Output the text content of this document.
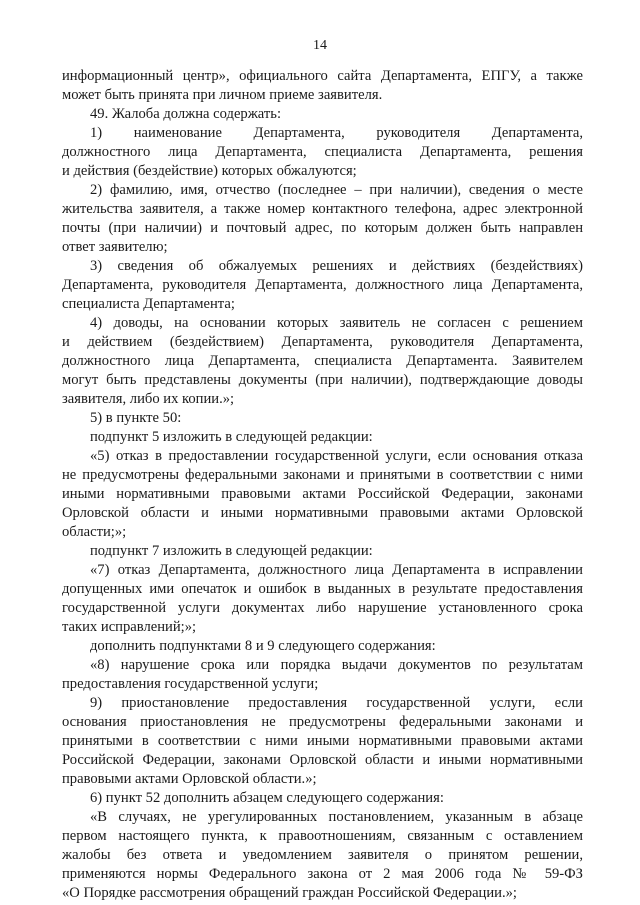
14
информационный центр», официального сайта Департамента, ЕПГУ, а также
может быть принята при личном приеме заявителя.
49. Жалоба должна содержать:
1) наименование Департамента, руководителя Департамента,
должностного лица Департамента, специалиста Департамента, решения
и действия (бездействие) которых обжалуются;
2) фамилию, имя, отчество (последнее – при наличии), сведения о месте
жительства заявителя, а также номер контактного телефона, адрес электронной
почты (при наличии) и почтовый адрес, по которым должен быть направлен
ответ заявителю;
3) сведения об обжалуемых решениях и действиях (бездействиях)
Департамента, руководителя Департамента, должностного лица Департамента,
специалиста Департамента;
4) доводы, на основании которых заявитель не согласен с решением
и действием (бездействием) Департамента, руководителя Департамента,
должностного лица Департамента, специалиста Департамента. Заявителем
могут быть представлены документы (при наличии), подтверждающие доводы
заявителя, либо их копии.»;
5) в пункте 50:
подпункт 5 изложить в следующей редакции:
«5) отказ в предоставлении государственной услуги, если основания отказа
не предусмотрены федеральными законами и принятыми в соответствии с ними
иными нормативными правовыми актами Российской Федерации, законами
Орловской области и иными нормативными правовыми актами Орловской
области;»;
подпункт 7 изложить в следующей редакции:
«7) отказ Департамента, должностного лица Департамента в исправлении
допущенных ими опечаток и ошибок в выданных в результате предоставления
государственной услуги документах либо нарушение установленного срока
таких исправлений;»;
дополнить подпунктами 8 и 9 следующего содержания:
«8) нарушение срока или порядка выдачи документов по результатам
предоставления государственной услуги;
9) приостановление предоставления государственной услуги, если
основания приостановления не предусмотрены федеральными законами и
принятыми в соответствии с ними иными нормативными правовыми актами
Российской Федерации, законами Орловской области и иными нормативными
правовыми актами Орловской области.»;
6) пункт 52 дополнить абзацем следующего содержания:
«В случаях, не урегулированных постановлением, указанным в абзаце
первом настоящего пункта, к правоотношениям, связанным с оставлением
жалобы без ответа и уведомлением заявителя о принятом решении,
применяются нормы Федерального закона от 2 мая 2006 года № 59-ФЗ
«О Порядке рассмотрения обращений граждан Российской Федерации.»;
